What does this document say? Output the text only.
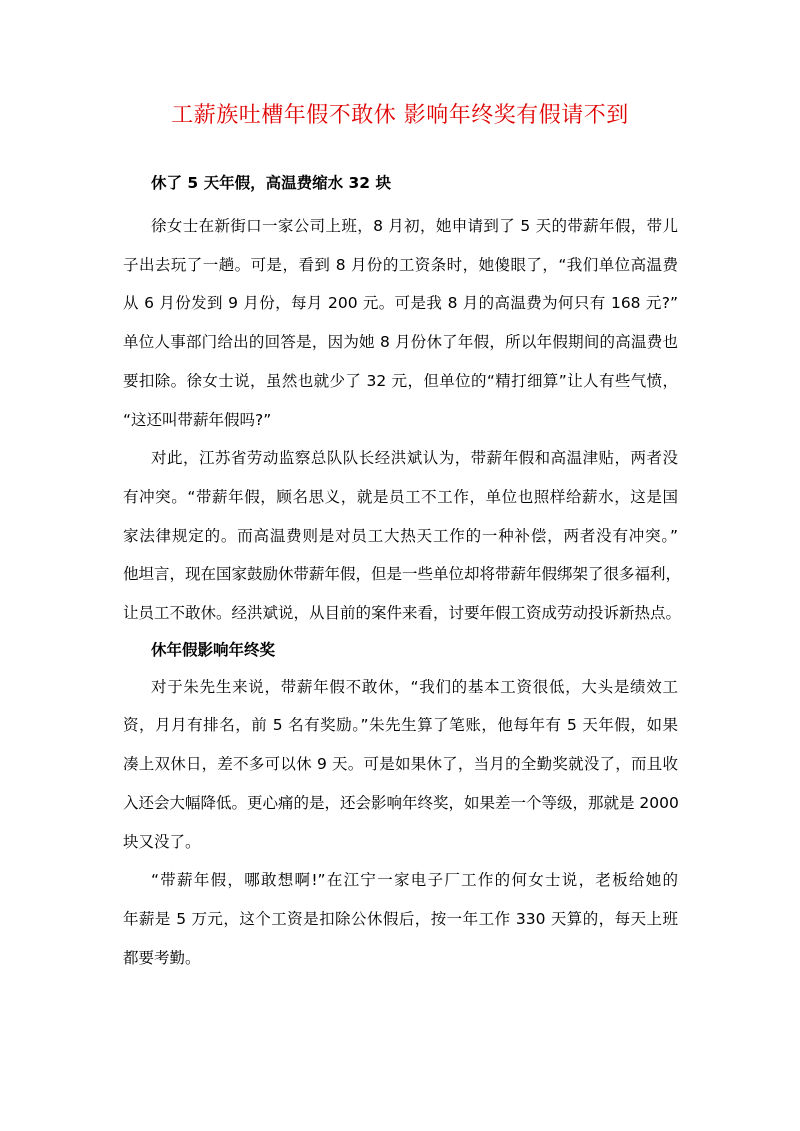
工薪族吐槽年假不敢休 影响年终奖有假请不到

休了 5 天年假，高温费缩水 32 块

徐女士在新街口一家公司上班，8 月初，她申请到了 5 天的带薪年假，带儿
子出去玩了一趟。可是，看到 8 月份的工资条时，她傻眼了，“我们单位高温费
从 6 月份发到 9 月份，每月 200 元。可是我 8 月的高温费为何只有 168 元?”
单位人事部门给出的回答是，因为她 8 月份休了年假，所以年假期间的高温费也
要扣除。徐女士说，虽然也就少了 32 元，但单位的“精打细算”让人有些气愤，
“这还叫带薪年假吗?”

对此，江苏省劳动监察总队队长经洪斌认为，带薪年假和高温津贴，两者没
有冲突。“带薪年假，顾名思义，就是员工不工作，单位也照样给薪水，这是国
家法律规定的。而高温费则是对员工大热天工作的一种补偿，两者没有冲突。”
他坦言，现在国家鼓励休带薪年假，但是一些单位却将带薪年假绑架了很多福利，
让员工不敢休。经洪斌说，从目前的案件来看，讨要年假工资成劳动投诉新热点。

休年假影响年终奖

对于朱先生来说，带薪年假不敢休，“我们的基本工资很低，大头是绩效工
资，月月有排名，前 5 名有奖励。”朱先生算了笔账，他每年有 5 天年假，如果
凑上双休日，差不多可以休 9 天。可是如果休了，当月的全勤奖就没了，而且收
入还会大幅降低。更心痛的是，还会影响年终奖，如果差一个等级，那就是 2000
块又没了。

“带薪年假，哪敢想啊!”在江宁一家电子厂工作的何女士说，老板给她的
年薪是 5 万元，这个工资是扣除公休假后，按一年工作 330 天算的，每天上班
都要考勤。
